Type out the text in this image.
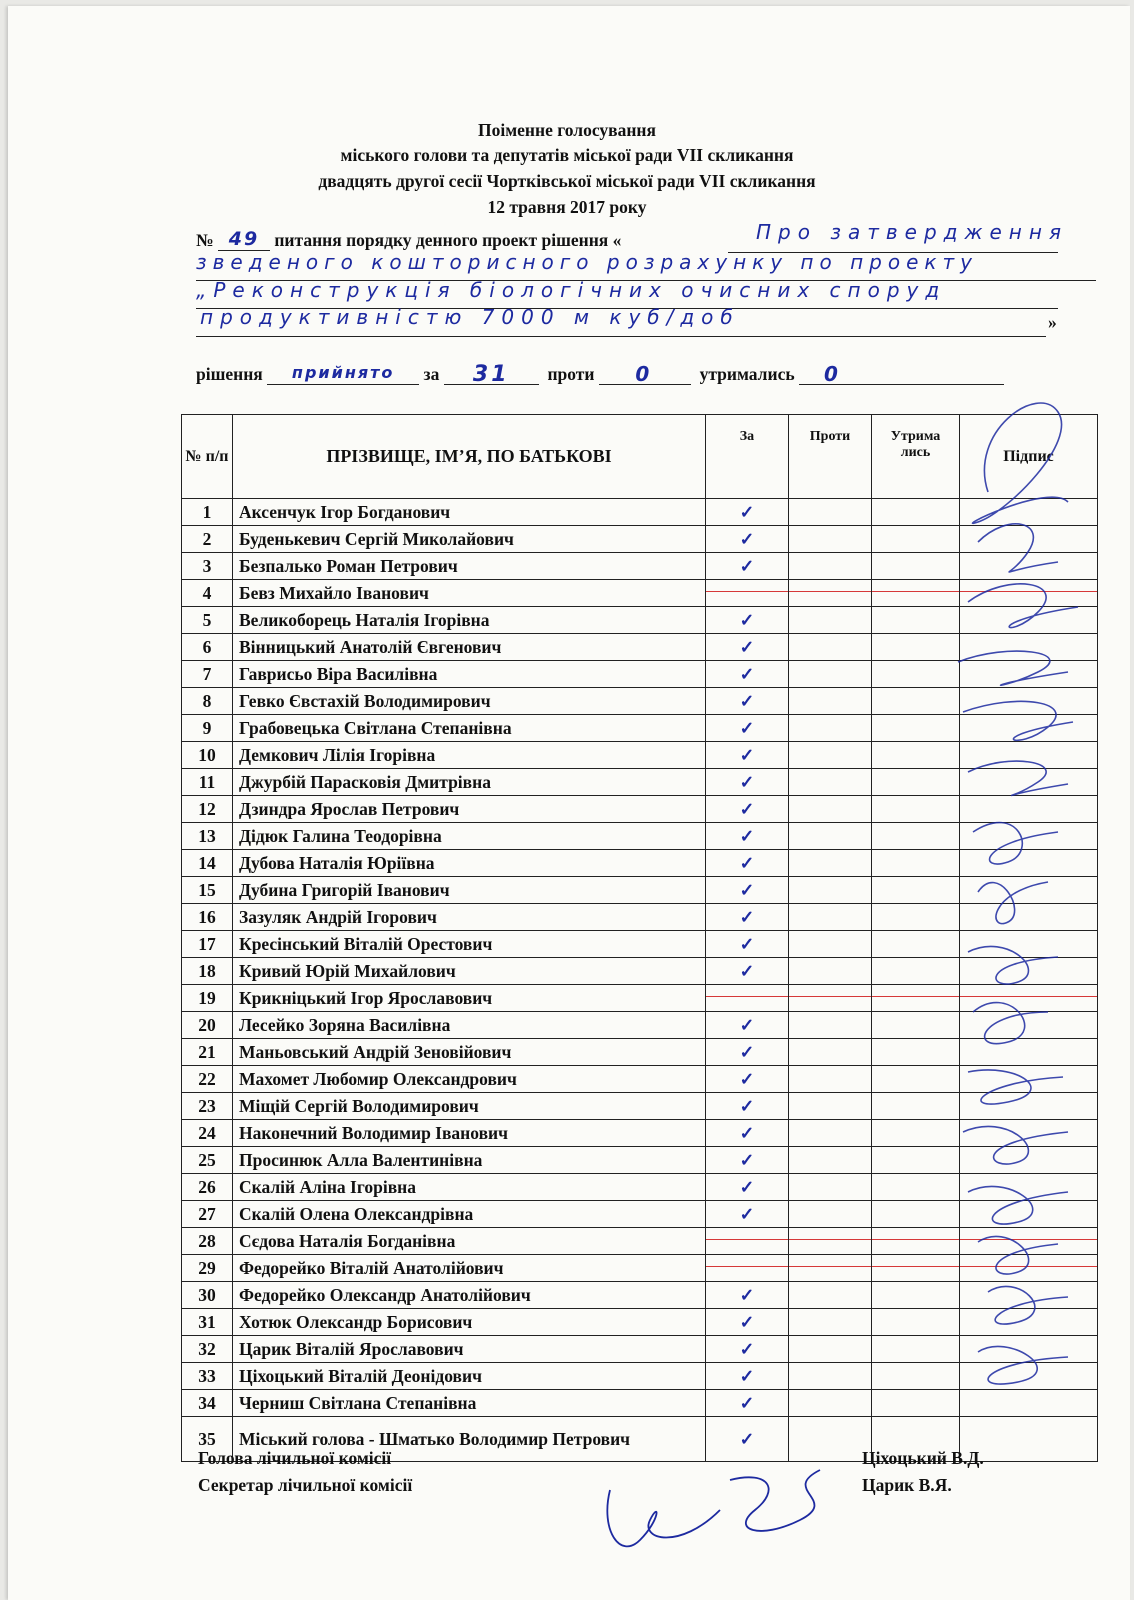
Поіменне голосування
міського голови та депутатів міської ради VII скликання
двадцять другої сесії Чортківської міської ради VII скликання
12 травня 2017 року
№ 49 питання порядку денного проект рішення «	Про затвердження
зведеного кошторисного розрахунку по проекту
„Реконструкція біологічних очисних споруд
продуктивністю 7000 м куб/доб	»
рішення прийнято за 31 проти 0	утримались 0
№ п/п	ПРІЗВИЩЕ, ІМ’Я, ПО БАТЬКОВІ	За	Проти	Утрима лись	Підпис
1	Аксенчук Ігор Богданович	✓			
2	Буденькевич Сергій Миколайович	✓			
3	Безпалько Роман Петрович	✓			
4	Бевз Михайло Іванович	

5	Великоборець Наталія Ігорівна	✓			
6	Вінницький Анатолій Євгенович	✓			
7	Гаврисьо Віра Василівна	✓			
8	Гевко Євстахій Володимирович	✓			
9	Грабовецька Світлана Степанівна	✓			
10	Демкович Лілія Ігорівна	✓			
11	Джурбій Парасковія Дмитрівна	✓			
12	Дзиндра Ярослав Петрович	✓			
13	Дідюк Галина Теодорівна	✓			
14	Дубова Наталія Юріївна	✓			
15	Дубина Григорій Іванович	✓			
16	Зазуляк Андрій Ігорович	✓			
17	Кресінський Віталій Орестович	✓			
18	Кривий Юрій Михайлович	✓			
19	Крикніцький Ігор Ярославович	

20	Лесейко Зоряна Василівна	✓			
21	Маньовський Андрій Зеновійович	✓			
22	Махомет Любомир Олександрович	✓			
23	Міщій Сергій Володимирович	✓			
24	Наконечний Володимир Іванович	✓			
25	Просинюк Алла Валентинівна	✓			
26	Скалій Аліна Ігорівна	✓			
27	Скалій Олена Олександрівна	✓			
28	Сєдова Наталія Богданівна	

29	Федорейко Віталій Анатолійович	

30	Федорейко Олександр Анатолійович	✓			
31	Хотюк Олександр Борисович	✓			
32	Царик Віталій Ярославович	✓			
33	Ціхоцький Віталій Деонідович	✓			
34	Черниш Світлана Степанівна	✓			
35	Міський голова - Шматько Володимир Петрович	✓			
Голова лічильної комісії	Ціхоцький В.Д.
Секретар лічильної комісії	Царик В.Я.
